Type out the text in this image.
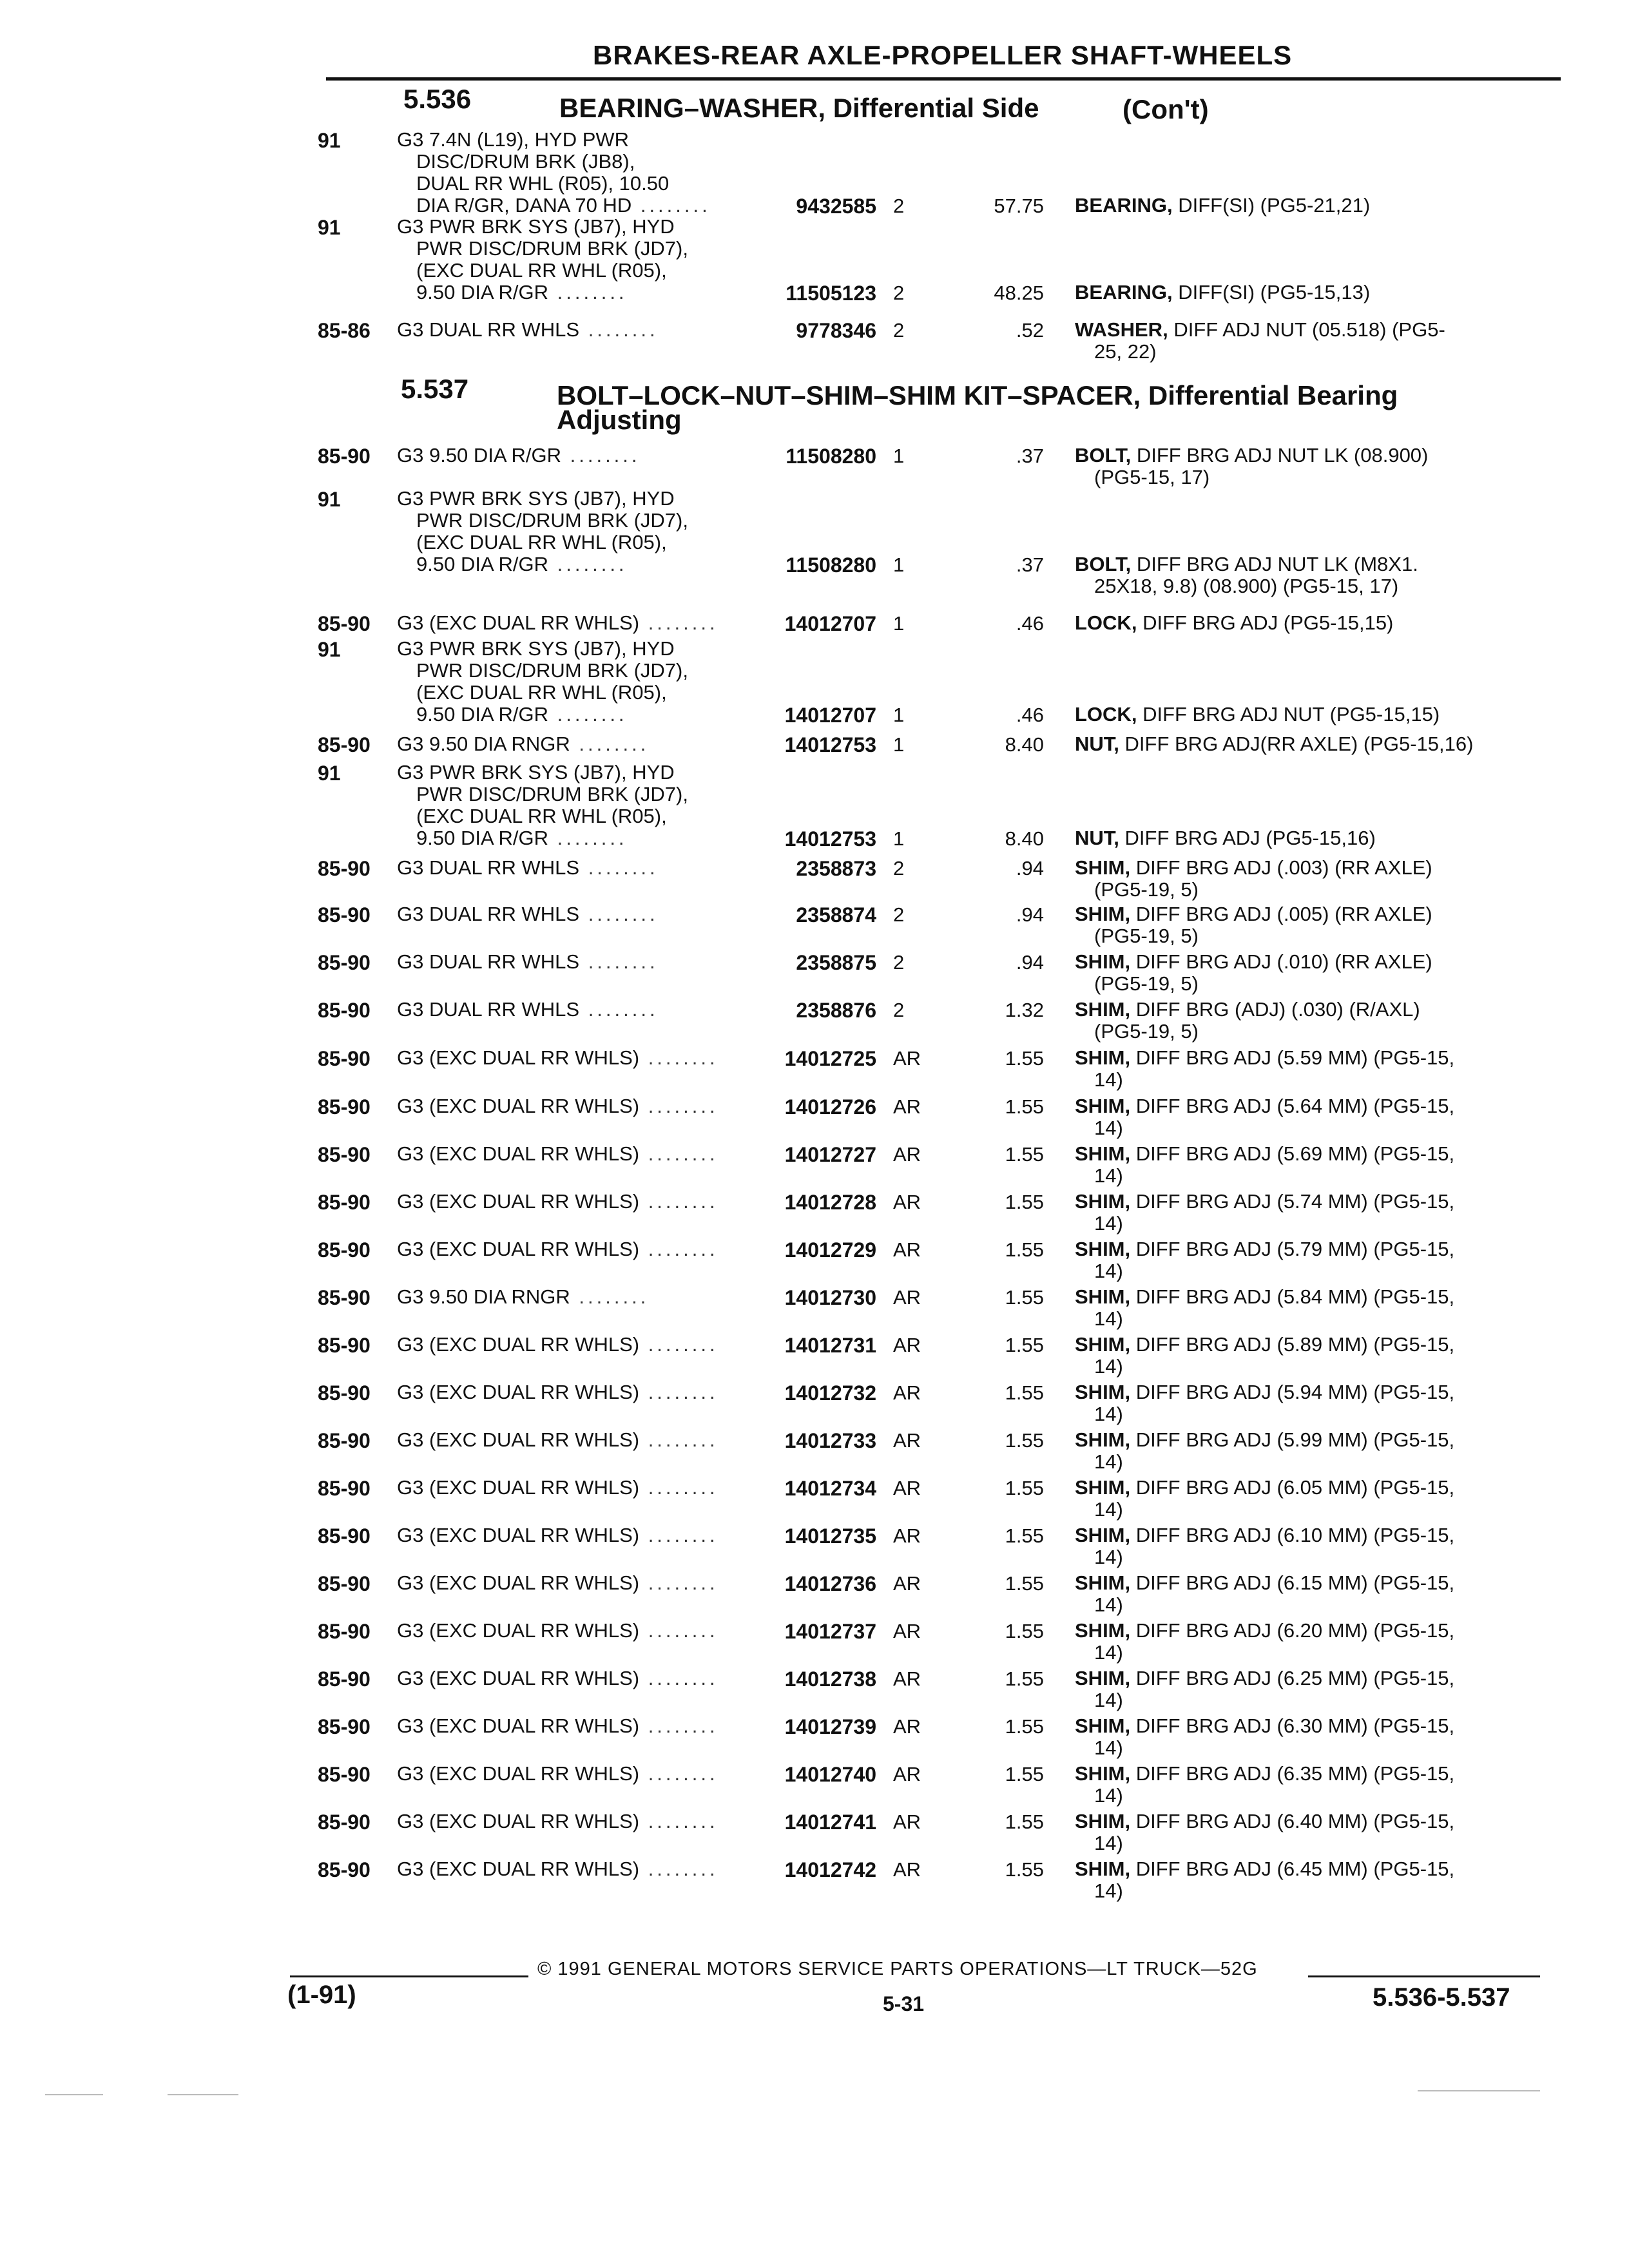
BRAKES-REAR AXLE-PROPELLER SHAFT-WHEELS
5.536	BEARING–WASHER, Differential Side	(Con't)
5.537	BOLT–LOCK–NUT–SHIM–SHIM KIT–SPACER, Differential Bearing
Adjusting
91	G3 7.4N (L19), HYD PWR
DISC/DRUM BRK (JB8),
DUAL RR WHL (R05), 10.50
DIA R/GR, DANA 70 HD ........	9432585 2	57.75 BEARING, DIFF(SI) (PG5-21,21)
91	G3 PWR BRK SYS (JB7), HYD
PWR DISC/DRUM BRK (JD7),
(EXC DUAL RR WHL (R05),
9.50 DIA R/GR ........	11505123 2	48.25 BEARING, DIFF(SI) (PG5-15,13)
85-86 G3 DUAL RR WHLS ........	9778346 2	.52 WASHER, DIFF ADJ NUT (05.518) (PG5-
25, 22)
85-90 G3 9.50 DIA R/GR ........	11508280 1	.37 BOLT, DIFF BRG ADJ NUT LK (08.900)
(PG5-15, 17)
91	G3 PWR BRK SYS (JB7), HYD
PWR DISC/DRUM BRK (JD7),
(EXC DUAL RR WHL (R05),
9.50 DIA R/GR ........	11508280 1	.37 BOLT, DIFF BRG ADJ NUT LK (M8X1.
25X18, 9.8) (08.900) (PG5-15, 17)
85-90 G3 (EXC DUAL RR WHLS) ........	14012707 1	.46 LOCK, DIFF BRG ADJ (PG5-15,15)
91	G3 PWR BRK SYS (JB7), HYD
PWR DISC/DRUM BRK (JD7),
(EXC DUAL RR WHL (R05),
9.50 DIA R/GR ........	14012707 1	.46 LOCK, DIFF BRG ADJ NUT (PG5-15,15)
85-90 G3 9.50 DIA RNGR ........	14012753 1	8.40 NUT, DIFF BRG ADJ(RR AXLE) (PG5-15,16)
91	G3 PWR BRK SYS (JB7), HYD
PWR DISC/DRUM BRK (JD7),
(EXC DUAL RR WHL (R05),
9.50 DIA R/GR ........	14012753 1	8.40 NUT, DIFF BRG ADJ (PG5-15,16)
85-90 G3 DUAL RR WHLS ........	2358873 2	.94 SHIM, DIFF BRG ADJ (.003) (RR AXLE)
(PG5-19, 5)
85-90 G3 DUAL RR WHLS ........	2358874 2	.94 SHIM, DIFF BRG ADJ (.005) (RR AXLE)
(PG5-19, 5)
85-90 G3 DUAL RR WHLS ........	2358875 2	.94 SHIM, DIFF BRG ADJ (.010) (RR AXLE)
(PG5-19, 5)
85-90 G3 DUAL RR WHLS ........	2358876 2	1.32 SHIM, DIFF BRG (ADJ) (.030) (R/AXL)
(PG5-19, 5)
85-90 G3 (EXC DUAL RR WHLS) ........	14012725 AR	1.55 SHIM, DIFF BRG ADJ (5.59 MM) (PG5-15,
14)
85-90 G3 (EXC DUAL RR WHLS) ........	14012726 AR	1.55 SHIM, DIFF BRG ADJ (5.64 MM) (PG5-15,
14)
85-90 G3 (EXC DUAL RR WHLS) ........	14012727 AR	1.55 SHIM, DIFF BRG ADJ (5.69 MM) (PG5-15,
14)
85-90 G3 (EXC DUAL RR WHLS) ........	14012728 AR	1.55 SHIM, DIFF BRG ADJ (5.74 MM) (PG5-15,
14)
85-90 G3 (EXC DUAL RR WHLS) ........	14012729 AR	1.55 SHIM, DIFF BRG ADJ (5.79 MM) (PG5-15,
14)
85-90 G3 9.50 DIA RNGR ........	14012730 AR	1.55 SHIM, DIFF BRG ADJ (5.84 MM) (PG5-15,
14)
85-90 G3 (EXC DUAL RR WHLS) ........	14012731 AR	1.55 SHIM, DIFF BRG ADJ (5.89 MM) (PG5-15,
14)
85-90 G3 (EXC DUAL RR WHLS) ........	14012732 AR	1.55 SHIM, DIFF BRG ADJ (5.94 MM) (PG5-15,
14)
85-90 G3 (EXC DUAL RR WHLS) ........	14012733 AR	1.55 SHIM, DIFF BRG ADJ (5.99 MM) (PG5-15,
14)
85-90 G3 (EXC DUAL RR WHLS) ........	14012734 AR	1.55 SHIM, DIFF BRG ADJ (6.05 MM) (PG5-15,
14)
85-90 G3 (EXC DUAL RR WHLS) ........	14012735 AR	1.55 SHIM, DIFF BRG ADJ (6.10 MM) (PG5-15,
14)
85-90 G3 (EXC DUAL RR WHLS) ........	14012736 AR	1.55 SHIM, DIFF BRG ADJ (6.15 MM) (PG5-15,
14)
85-90 G3 (EXC DUAL RR WHLS) ........	14012737 AR	1.55 SHIM, DIFF BRG ADJ (6.20 MM) (PG5-15,
14)
85-90 G3 (EXC DUAL RR WHLS) ........	14012738 AR	1.55 SHIM, DIFF BRG ADJ (6.25 MM) (PG5-15,
14)
85-90 G3 (EXC DUAL RR WHLS) ........	14012739 AR	1.55 SHIM, DIFF BRG ADJ (6.30 MM) (PG5-15,
14)
85-90 G3 (EXC DUAL RR WHLS) ........	14012740 AR	1.55 SHIM, DIFF BRG ADJ (6.35 MM) (PG5-15,
14)
85-90 G3 (EXC DUAL RR WHLS) ........	14012741 AR	1.55 SHIM, DIFF BRG ADJ (6.40 MM) (PG5-15,
14)
85-90 G3 (EXC DUAL RR WHLS) ........	14012742 AR	1.55 SHIM, DIFF BRG ADJ (6.45 MM) (PG5-15,
14)
© 1991 GENERAL MOTORS SERVICE PARTS OPERATIONS—LT TRUCK—52G
(1-91)	5-31	5.536-5.537
